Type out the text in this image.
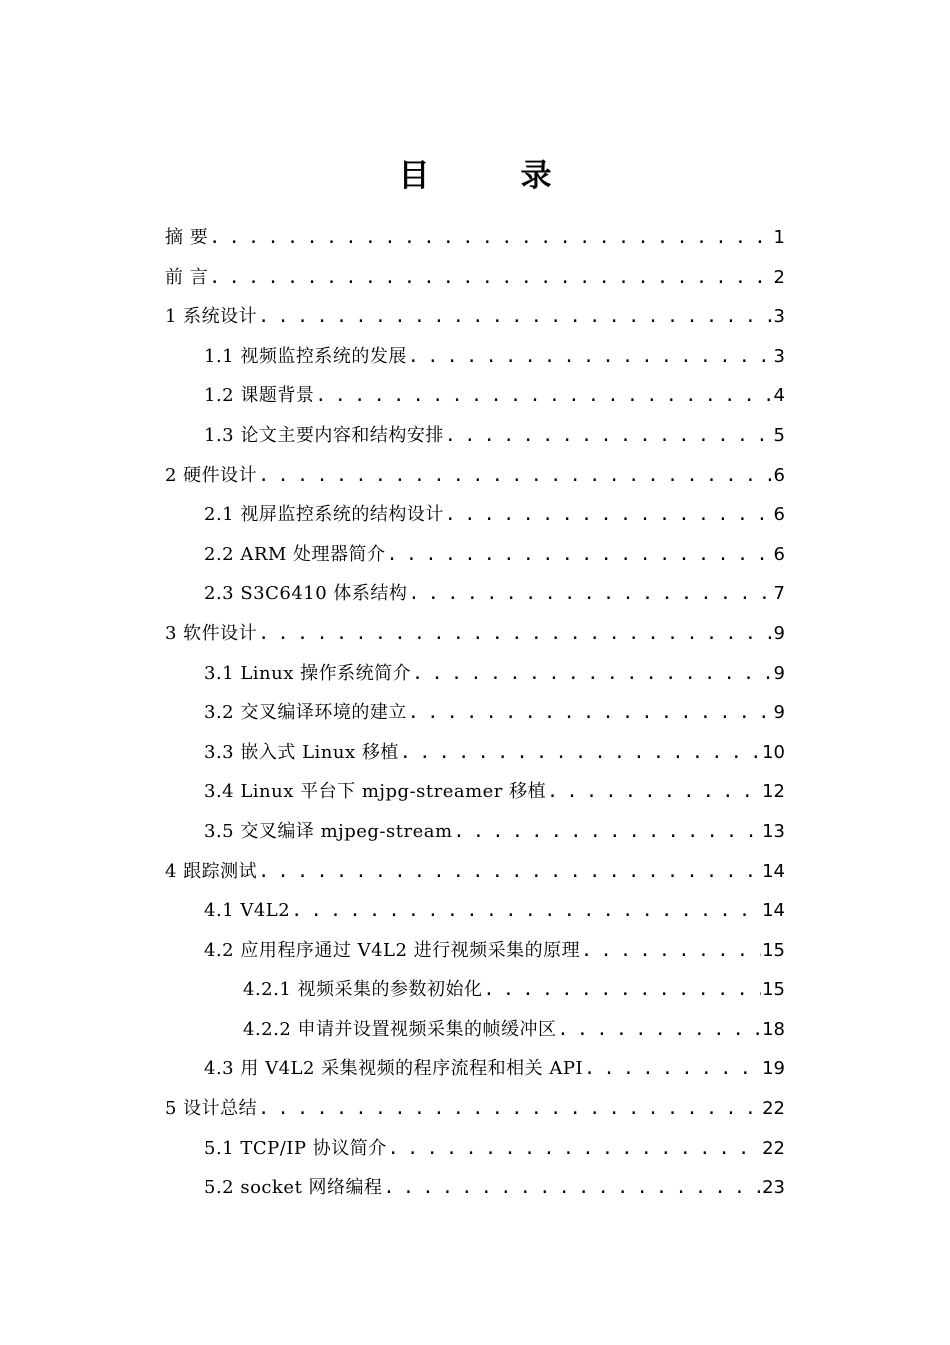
目　录
摘 要 . . .	1
前 言 . . .	2
1 系统设计 . . .	3
1.1 视频监控系统的发展 . . .	3
1.2 课题背景 . . .	4
1.3 论文主要内容和结构安排 . . .	5
2 硬件设计 . . .	6
2.1 视屏监控系统的结构设计 . . .	6
2.2 ARM 处理器简介 . . .	6
2.3 S3C6410 体系结构 . . .	7
3 软件设计 . . .	9
3.1 Linux 操作系统简介 . . .	9
3.2 交叉编译环境的建立 . . .	9
3.3 嵌入式 Linux 移植 . . .	10
3.4 Linux 平台下 mjpg-streamer 移植 . . .	12
3.5 交叉编译 mjpeg-stream . . .	13
4 跟踪测试 . . .	14
4.1 V4L2 . . .	14
4.2 应用程序通过 V4L2 进行视频采集的原理 . . .	15
4.2.1 视频采集的参数初始化 . . .	15
4.2.2 申请并设置视频采集的帧缓冲区 . . .	18
4.3 用 V4L2 采集视频的程序流程和相关 API . . .	19
5 设计总结 . . .	22
5.1 TCP/IP 协议简介 . . .	22
5.2 socket 网络编程 . . .	23
